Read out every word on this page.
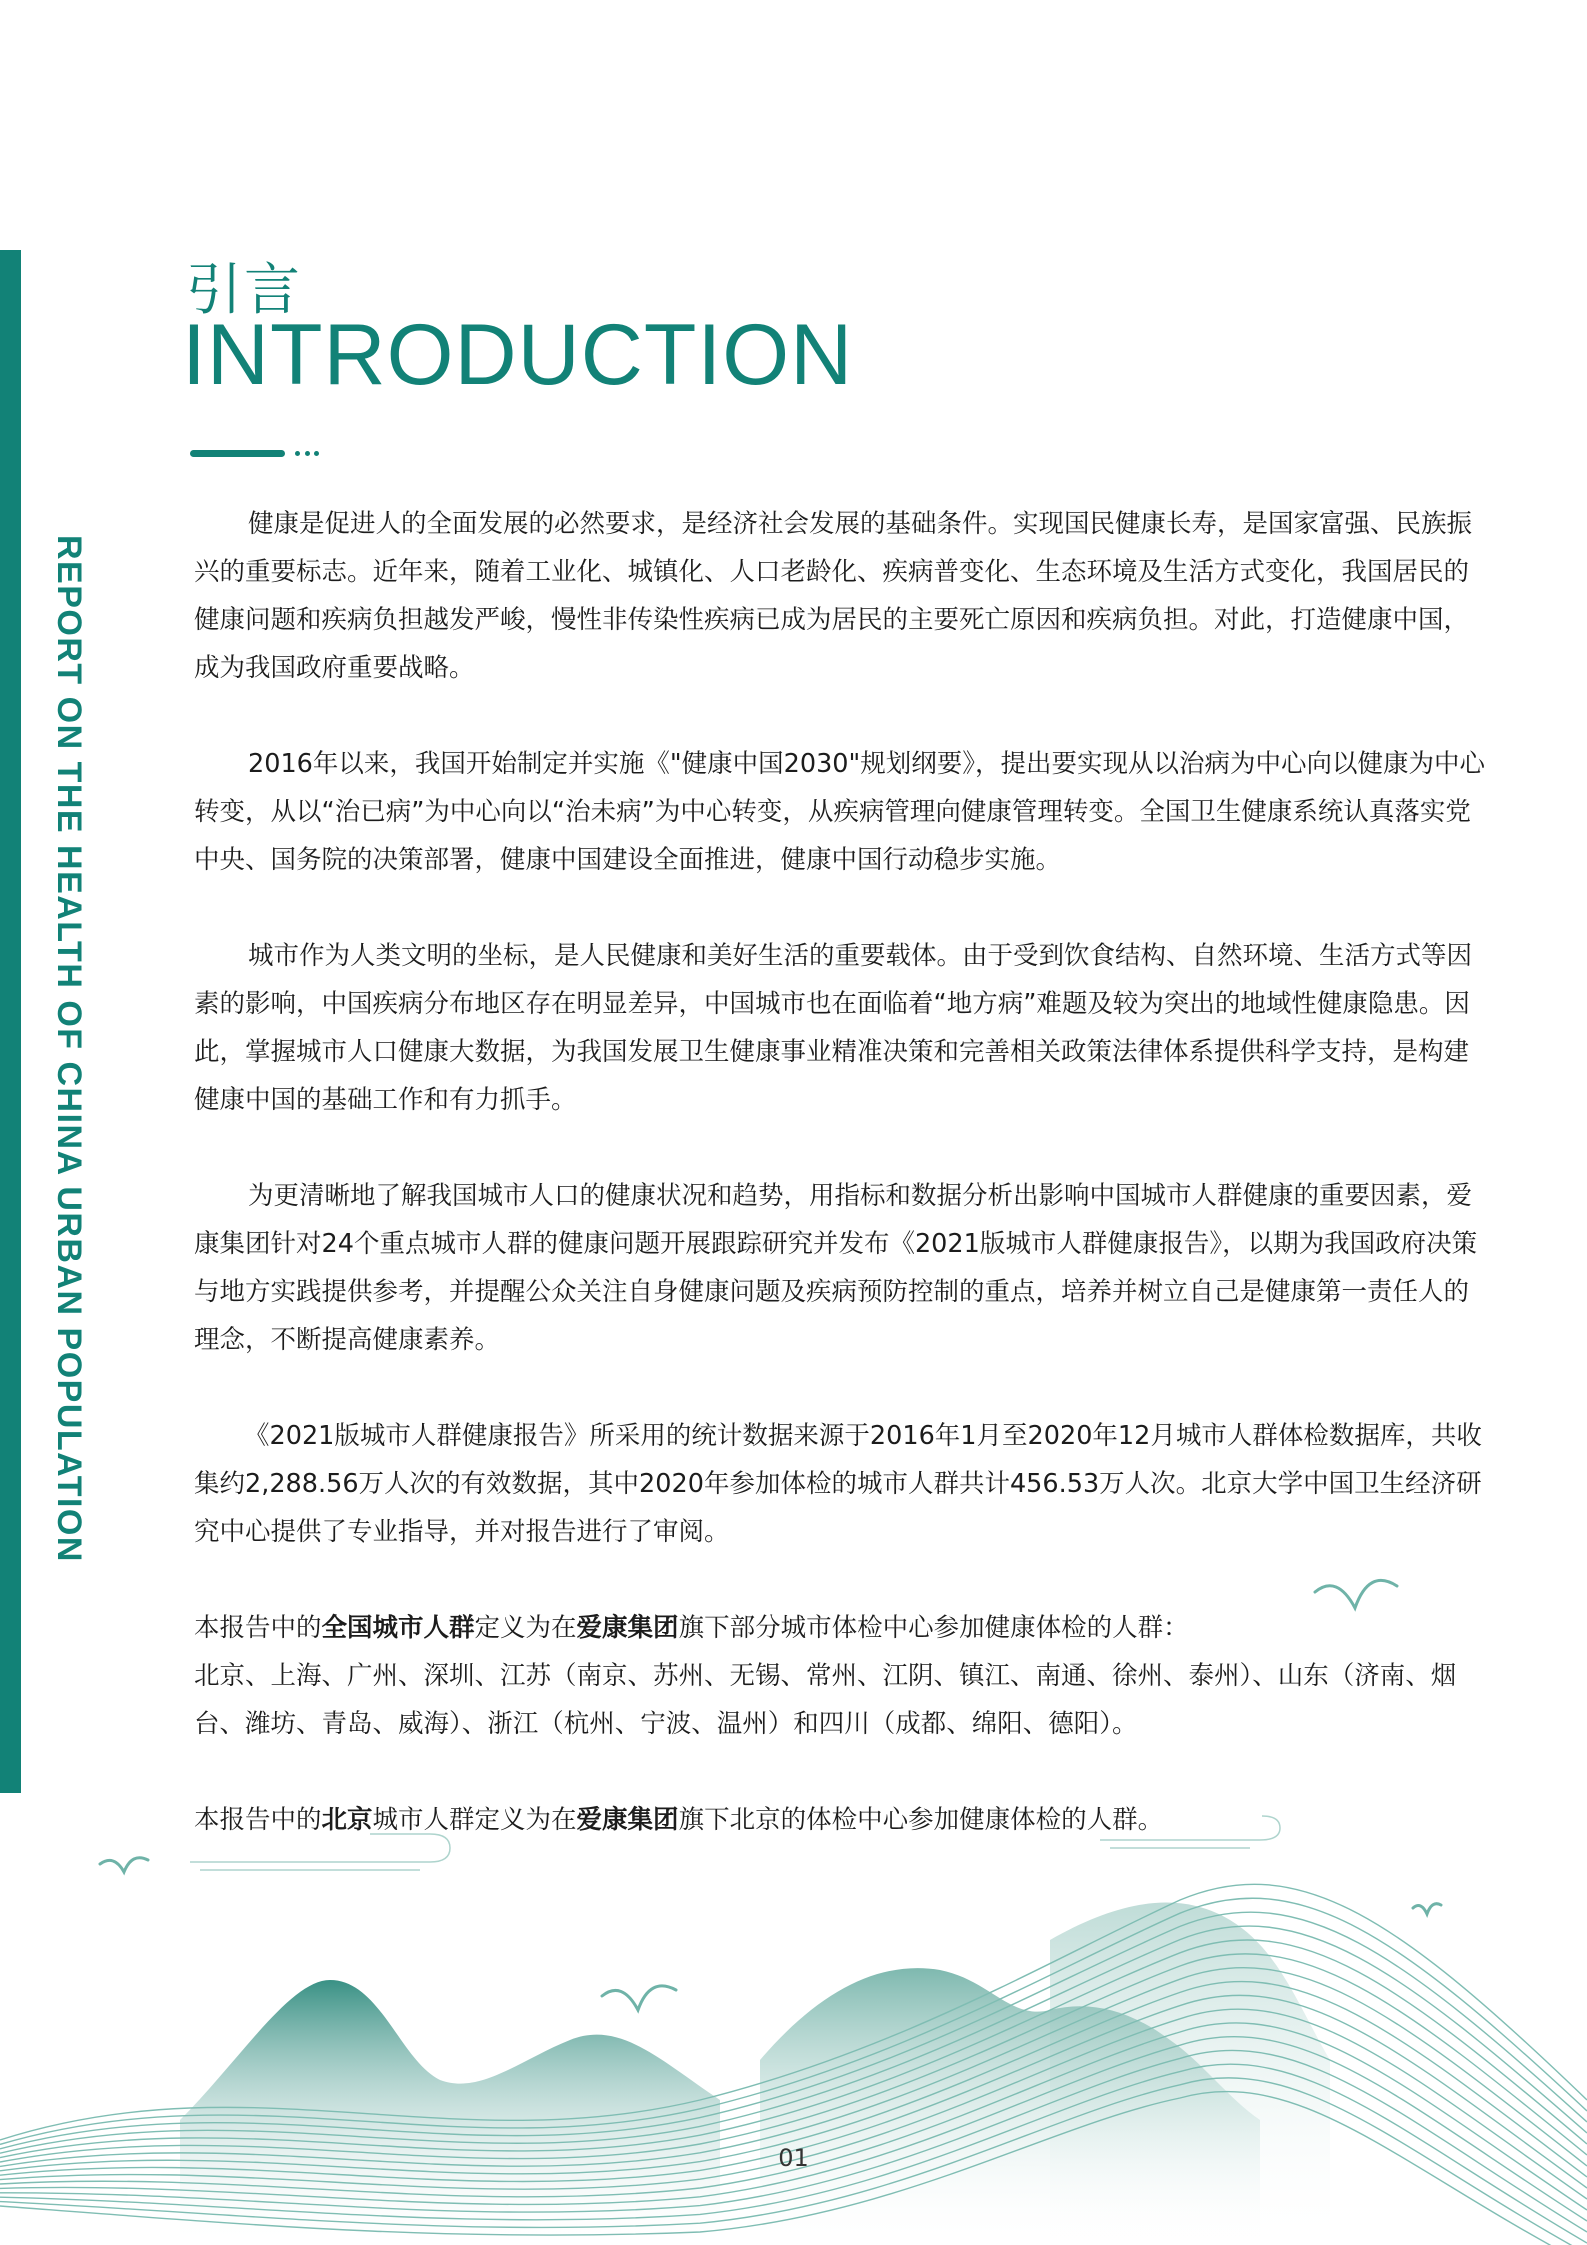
REPORT ON THE HEALTH OF CHINA URBAN POPULATION
引言
INTRODUCTION

健康是促进人的全面发展的必然要求，是经济社会发展的基础条件。实现国民健康长寿，是国家富强、民族振兴的重要标志。近年来，随着工业化、城镇化、人口老龄化、疾病普变化、生态环境及生活方式变化，我国居民的健康问题和疾病负担越发严峻，慢性非传染性疾病已成为居民的主要死亡原因和疾病负担。对此，打造健康中国，成为我国政府重要战略。

2016年以来，我国开始制定并实施《"健康中国2030"规划纲要》，提出要实现从以治病为中心向以健康为中心转变，从以“治已病”为中心向以“治未病”为中心转变，从疾病管理向健康管理转变。全国卫生健康系统认真落实党中央、国务院的决策部署，健康中国建设全面推进，健康中国行动稳步实施。

城市作为人类文明的坐标，是人民健康和美好生活的重要载体。由于受到饮食结构、自然环境、生活方式等因素的影响，中国疾病分布地区存在明显差异，中国城市也在面临着“地方病”难题及较为突出的地域性健康隐患。因此，掌握城市人口健康大数据，为我国发展卫生健康事业精准决策和完善相关政策法律体系提供科学支持，是构建健康中国的基础工作和有力抓手。

为更清晰地了解我国城市人口的健康状况和趋势，用指标和数据分析出影响中国城市人群健康的重要因素，爱康集团针对24个重点城市人群的健康问题开展跟踪研究并发布《2021版城市人群健康报告》，以期为我国政府决策与地方实践提供参考，并提醒公众关注自身健康问题及疾病预防控制的重点，培养并树立自己是健康第一责任人的理念，不断提高健康素养。

《2021版城市人群健康报告》所采用的统计数据来源于2016年1月至2020年12月城市人群体检数据库，共收集约2,288.56万人次的有效数据，其中2020年参加体检的城市人群共计456.53万人次。北京大学中国卫生经济研究中心提供了专业指导，并对报告进行了审阅。

本报告中的全国城市人群定义为在爱康集团旗下部分城市体检中心参加健康体检的人群：
北京、上海、广州、深圳、江苏（南京、苏州、无锡、常州、江阴、镇江、南通、徐州、泰州）、山东（济南、烟台、潍坊、青岛、威海）、浙江（杭州、宁波、温州）和四川（成都、绵阳、德阳）。

本报告中的北京城市人群定义为在爱康集团旗下北京的体检中心参加健康体检的人群。

01
